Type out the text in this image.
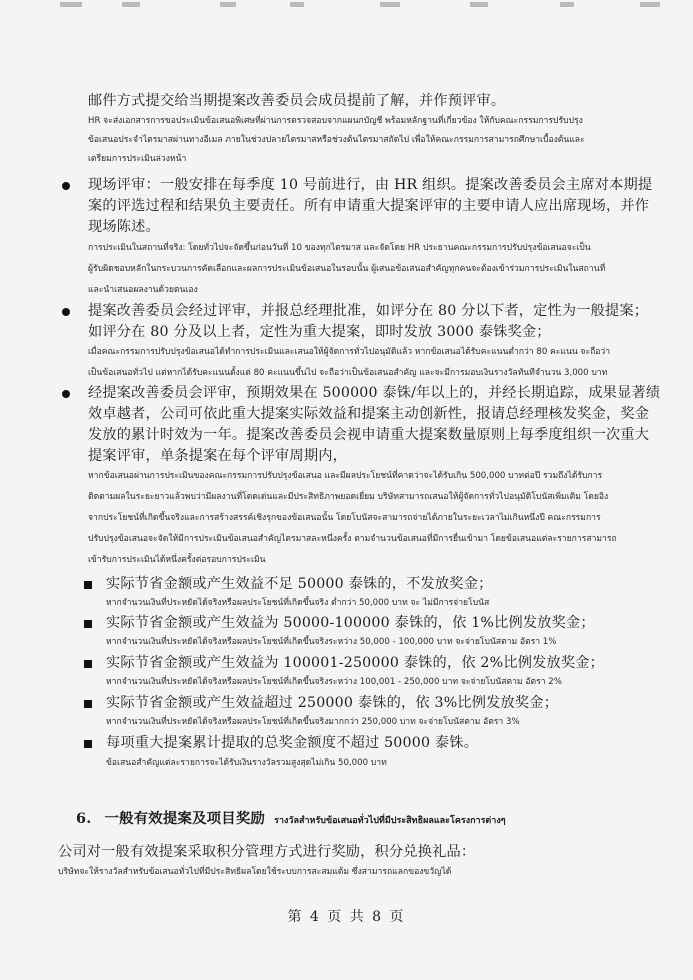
邮件方式提交给当期提案改善委员会成员提前了解，并作预评审。
HR จะส่งเอกสารการขอประเมินข้อเสนอพิเศษที่ผ่านการตรวจสอบจากแผนกบัญชี พร้อมหลักฐานที่เกี่ยวข้อง ให้กับคณะกรรมการปรับปรุง
ข้อเสนอประจำไตรมาสผ่านทางอีเมล ภายในช่วงปลายไตรมาสหรือช่วงต้นไตรมาสถัดไป เพื่อให้คณะกรรมการสามารถศึกษาเบื้องต้นและ
เตรียมการประเมินล่วงหน้า
现场评审：一般安排在每季度 10 号前进行，由 HR 组织。提案改善委员会主席对本期提
案的评选过程和结果负主要责任。所有申请重大提案评审的主要申请人应出席现场，并作
现场陈述。
การประเมินในสถานที่จริง: โดยทั่วไปจะจัดขึ้นก่อนวันที่ 10 ของทุกไตรมาส และจัดโดย HR ประธานคณะกรรมการปรับปรุงข้อเสนอจะเป็น
ผู้รับผิดชอบหลักในกระบวนการคัดเลือกและผลการประเมินข้อเสนอในรอบนั้น ผู้เสนอข้อเสนอสำคัญทุกคนจะต้องเข้าร่วมการประเมินในสถานที่
และนำเสนอผลงานด้วยตนเอง
提案改善委员会经过评审，并报总经理批准，如评分在 80 分以下者，定性为一般提案；
如评分在 80 分及以上者，定性为重大提案，即时发放 3000 泰铢奖金；
เมื่อคณะกรรมการปรับปรุงข้อเสนอได้ทำการประเมินและเสนอให้ผู้จัดการทั่วไปอนุมัติแล้ว หากข้อเสนอได้รับคะแนนต่ำกว่า 80 คะแนน จะถือว่า
เป็นข้อเสนอทั่วไป แต่หากได้รับคะแนนตั้งแต่ 80 คะแนนขึ้นไป จะถือว่าเป็นข้อเสนอสำคัญ และจะมีการมอบเงินรางวัลทันทีจำนวน 3,000 บาท
经提案改善委员会评审，预期效果在 500000 泰铢/年以上的，并经长期追踪，成果显著绩
效卓越者，公司可依此重大提案实际效益和提案主动创新性，报请总经理核发奖金，奖金
发放的累计时效为一年。提案改善委员会视申请重大提案数量原则上每季度组织一次重大
提案评审，单条提案在每个评审周期内，
หากข้อเสนอผ่านการประเมินของคณะกรรมการปรับปรุงข้อเสนอ และมีผลประโยชน์ที่คาดว่าจะได้รับเกิน 500,000 บาทต่อปี รวมถึงได้รับการ
ติดตามผลในระยะยาวแล้วพบว่ามีผลงานที่โดดเด่นและมีประสิทธิภาพยอดเยี่ยม บริษัทสามารถเสนอให้ผู้จัดการทั่วไปอนุมัติโบนัสเพิ่มเติม โดยอิง
จากประโยชน์ที่เกิดขึ้นจริงและการสร้างสรรค์เชิงรุกของข้อเสนอนั้น โดยโบนัสจะสามารถจ่ายได้ภายในระยะเวลาไม่เกินหนึ่งปี คณะกรรมการ
ปรับปรุงข้อเสนอจะจัดให้มีการประเมินข้อเสนอสำคัญไตรมาสละหนึ่งครั้ง ตามจำนวนข้อเสนอที่มีการยื่นเข้ามา โดยข้อเสนอแต่ละรายการสามารถ
เข้ารับการประเมินได้หนึ่งครั้งต่อรอบการประเมิน
实际节省金额或产生效益不足 50000 泰铢的，不发放奖金；
หากจำนวนเงินที่ประหยัดได้จริงหรือผลประโยชน์ที่เกิดขึ้นจริง ต่ำกว่า 50,000 บาท จะ ไม่มีการจ่ายโบนัส
实际节省金额或产生效益为 50000-100000 泰铢的，依 1%比例发放奖金；
หากจำนวนเงินที่ประหยัดได้จริงหรือผลประโยชน์ที่เกิดขึ้นจริงระหว่าง 50,000 - 100,000 บาท จะจ่ายโบนัสตาม อัตรา 1%
实际节省金额或产生效益为 100001-250000 泰铢的，依 2%比例发放奖金；
หากจำนวนเงินที่ประหยัดได้จริงหรือผลประโยชน์ที่เกิดขึ้นจริงระหว่าง 100,001 - 250,000 บาท จะจ่ายโบนัสตาม อัตรา 2%
实际节省金额或产生效益超过 250000 泰铢的，依 3%比例发放奖金；
หากจำนวนเงินที่ประหยัดได้จริงหรือผลประโยชน์ที่เกิดขึ้นจริงมากกว่า 250,000 บาท จะจ่ายโบนัสตาม อัตรา 3%
每项重大提案累计提取的总奖金额度不超过 50000 泰铢。
ข้อเสนอสำคัญแต่ละรายการจะได้รับเงินรางวัลรวมสูงสุดไม่เกิน 50,000 บาท
6. 一般有效提案及项目奖励 รางวัลสำหรับข้อเสนอทั่วไปที่มีประสิทธิผลและโครงการต่างๆ
公司对一般有效提案采取积分管理方式进行奖励，积分兑换礼品：
บริษัทจะให้รางวัลสำหรับข้อเสนอทั่วไปที่มีประสิทธิผลโดยใช้ระบบการสะสมแต้ม ซึ่งสามารถแลกของขวัญได้
第 4 页 共 8 页
